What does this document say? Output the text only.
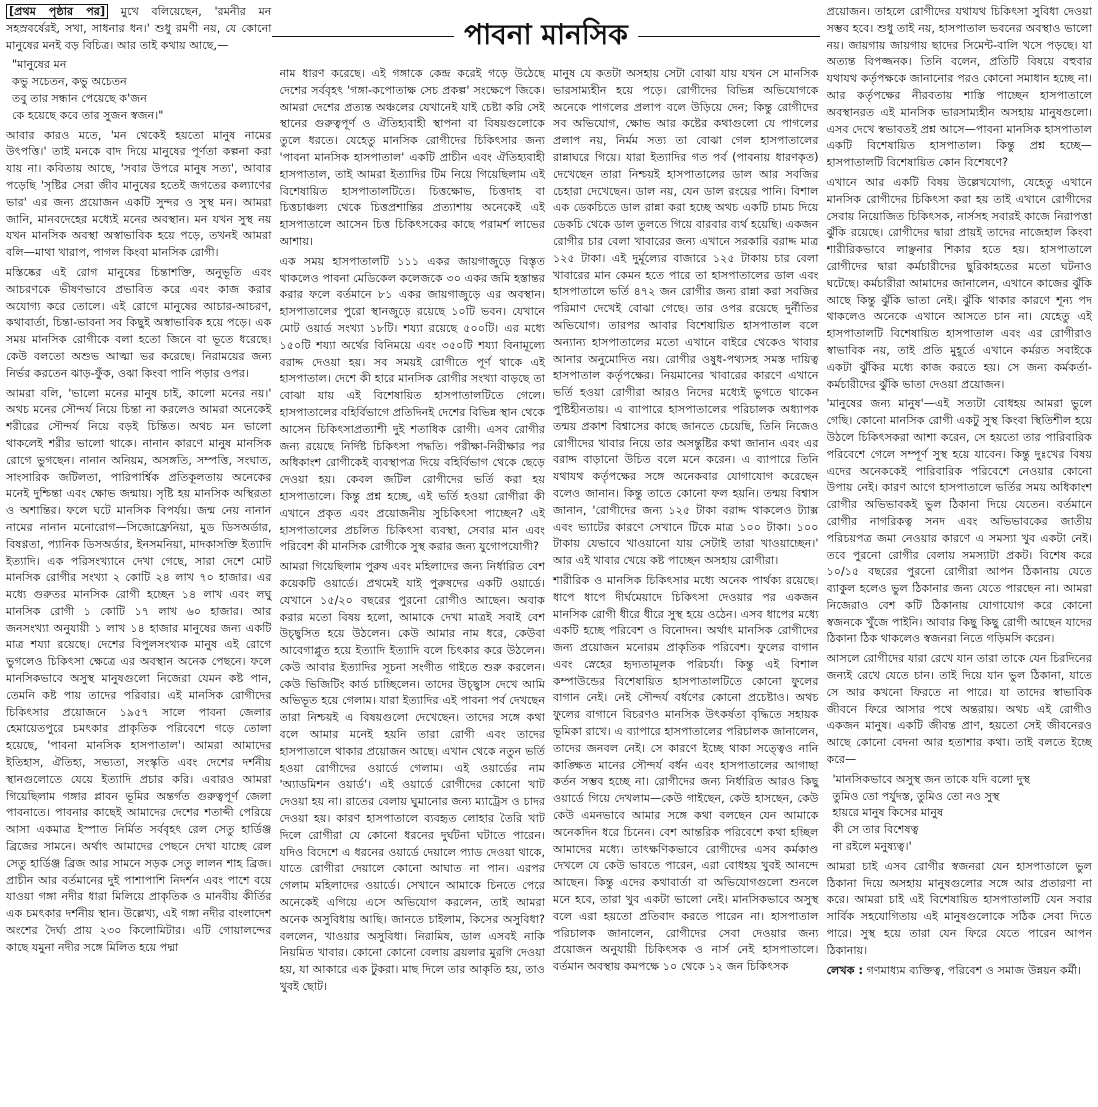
পাবনা মানসিক

[প্রথম পৃষ্ঠার পর] মুখে বলিয়েছেন, 'রমনীর মন সহস্রবর্ষেরই, সখা, সাধনার ধন।' শুধু রমণী নয়, যে কোনো মানুষের মনই বড় বিচিত্র। আর তাই কথায় আছে,—

"মানুষের মন
কভু সচেতন, কভু অচেতন
তবু তার সন্ধান পেয়েছে ক'জন
কে হয়েছে কবে তার সুজন স্বজন।"

আবার কারও মতে, 'মন থেকেই হয়তো মানুষ নামের উৎপত্তি।' তাই মনকে বাদ দিয়ে মানুষের পূর্ণতা কল্পনা করা যায় না। কবিতায় আছে, 'সবার উপরে মানুষ সত্য', আবার পড়েছি 'সৃষ্টির সেরা জীব মানুষের হতেই জগতের কল্যাণের ভার' এর জন্য প্রয়োজন একটি সুন্দর ও সুস্থ মন। আমরা জানি, মানবদেহের মধ্যেই মনের অবস্থান। মন যখন সুস্থ নয় যখন মানসিক অবস্থা অস্বাভাবিক হয়ে পড়ে, তখনই আমরা বলি—মাথা খারাপ, পাগল কিংবা মানসিক রোগী।

মস্তিষ্কের এই রোগ মানুষের চিন্তাশক্তি, অনুভূতি এবং আচরণকে ভীষণভাবে প্রভাবিত করে এবং কাজ করার অযোগ্য করে তোলে। এই রোগে মানুষের আচার-আচরণ, কথাবার্তা, চিন্তা-ভাবনা সব কিছুই অস্বাভাবিক হয়ে পড়ে। এক সময় মানসিক রোগীকে বলা হতো জিনে বা ভূতে ধরেছে। কেউ বলতো অশুভ আত্মা ভর করেছে। নিরাময়ের জন্য নির্ভর করতেন ঝাড়-ফুঁক, ওঝা কিংবা পানি পড়ার ওপর।

আমরা বলি, 'ভালো মনের মানুষ চাই, কালো মনের নয়।' অথচ মনের সৌন্দর্য নিয়ে চিন্তা না করলেও আমরা অনেকেই শরীরের সৌন্দর্য নিয়ে বড়ই চিন্তিত। অথচ মন ভালো থাকলেই শরীর ভালো থাকে। নানান কারণে মানুষ মানসিক রোগে ভুগছেন। নানান অনিয়ম, অসঙ্গতি, সম্পত্তি, সংঘাত, সাংসারিক জটিলতা, পারিপার্শ্বিক প্রতিকূলতায় অনেকের মনেই দুশ্চিন্তা এবং ক্ষোভ জন্মায়। সৃষ্টি হয় মানসিক অস্থিরতা ও অশান্তির। ফলে ঘটে মানসিক বিপর্যয়। জন্ম নেয় নানান নামের নানান মনোরোগ—সিজোফ্রেনিয়া, মুড ডিসঅর্ডার, বিষণ্ণতা, প্যানিক ডিসঅর্ডার, ইনসমনিয়া, মাদকাসক্তি ইত্যাদি ইত্যাদি। এক পরিসংখ্যানে দেখা গেছে, সারা দেশে মোট মানসিক রোগীর সংখ্যা ২ কোটি ২৪ লাখ ৭০ হাজার। এর মধ্যে গুরুতর মানসিক রোগী হচ্ছেন ১৪ লাখ এবং লঘু মানসিক রোগী ১ কোটি ১৭ লাখ ৬০ হাজার। আর জনসংখ্যা অনুযায়ী ১ লাখ ১৪ হাজার মানুষের জন্য একটি মাত্র শয্যা রয়েছে। দেশের বিপুলসংখ্যক মানুষ এই রোগে ভুগলেও চিকিৎসা ক্ষেত্রে এর অবস্থান অনেক পেছনে। ফলে মানসিকভাবে অসুস্থ মানুষগুলো নিজেরা যেমন কষ্ট পান, তেমনি কষ্ট পায় তাদের পরিবার। এই মানসিক রোগীদের চিকিৎসার প্রয়োজনে ১৯৫৭ সালে পাবনা জেলার হেমায়েতপুরে চমৎকার প্রাকৃতিক পরিবেশে গড়ে তোলা হয়েছে, 'পাবনা মানসিক হাসপাতাল'। আমরা আমাদের ইতিহাস, ঐতিহ্য, সভ্যতা, সংস্কৃতি এবং দেশের দর্শনীয় স্থানগুলোতে যেয়ে ইত্যাদি প্রচার করি। এবারও আমরা গিয়েছিলাম গঙ্গার প্লাবন ভূমির অন্তর্গত গুরুত্বপূর্ণ জেলা পাবনাতে। পাবনার কাছেই আমাদের দেশের শতাব্দী পেরিয়ে আসা একমাত্র ইস্পাত নির্মিত সর্ববৃহৎ রেল সেতু হার্ডিঞ্জ ব্রিজের সামনে। অর্থাৎ আমাদের পেছনে দেখা যাচ্ছে রেল সেতু হার্ডিঞ্জ ব্রিজ আর সামনে সড়ক সেতু লালন শাহ ব্রিজ। প্রাচীন আর বর্তমানের দুই পাশাপাশি নিদর্শন এবং পাশে বয়ে যাওয়া গঙ্গা নদীর ধারা মিলিয়ে প্রাকৃতিক ও মানবীয় কীর্তির এক চমৎকার দর্শনীয় স্থান। উল্লেখ্য, এই গঙ্গা নদীর বাংলাদেশ অংশের দৈর্ঘ্য প্রায় ২৩০ কিলোমিটার। এটি গোয়ালন্দের কাছে যমুনা নদীর সঙ্গে মিলিত হয়ে পদ্মা

নাম ধারণ করেছে। এই গঙ্গাকে কেন্দ্র করেই গড়ে উঠেছে দেশের সর্ববৃহৎ 'গঙ্গা-কপোতাক্ষ সেচ প্রকল্প' সংক্ষেপে জিকে। আমরা দেশের প্রত্যন্ত অঞ্চলের যেখানেই যাই চেষ্টা করি সেই স্থানের গুরুত্বপূর্ণ ও ঐতিহ্যবাহী স্থাপনা বা বিষয়গুলোকে তুলে ধরতে। যেহেতু মানসিক রোগীদের চিকিৎসার জন্য 'পাবনা মানসিক হাসপাতাল' একটি প্রাচীন এবং ঐতিহ্যবাহী হাসপাতাল, তাই আমরা ইত্যাদির টিম নিয়ে গিয়েছিলাম এই বিশেষায়িত হাসপাতালটিতে। চিত্তক্ষোভ, চিত্তদাহ বা চিত্তচাঞ্চল্য থেকে চিত্তপ্রশান্তির প্রত্যাশায় অনেকেই এই হাসপাতালে আসেন চিত্ত চিকিৎসকের কাছে পরামর্শ লাভের আশায়।

এক সময় হাসপাতালটি ১১১ একর জায়গাজুড়ে বিস্তৃত থাকলেও পাবনা মেডিকেল কলেজকে ৩০ একর জমি হস্তান্তর করার ফলে বর্তমানে ৮১ একর জায়গাজুড়ে এর অবস্থান। হাসপাতালের পুরো স্থানজুড়ে রয়েছে ১০টি ভবন। যেখানে মোট ওয়ার্ড সংখ্যা ১৮টি। শয্যা রয়েছে ৫০০টি। এর মধ্যে ১৫০টি শয্যা অর্থের বিনিময়ে এবং ৩৫০টি শয্যা বিনামূল্যে বরাদ্দ দেওয়া হয়। সব সময়ই রোগীতে পূর্ণ থাকে এই হাসপাতাল। দেশে কী হারে মানসিক রোগীর সংখ্যা বাড়ছে তা বোঝা যায় এই বিশেষায়িত হাসপাতালটিতে গেলে। হাসপাতালের বহির্বিভাগে প্রতিদিনই দেশের বিভিন্ন স্থান থেকে আসেন চিকিৎসাপ্রত্যাশী দুই শতাধিক রোগী। এসব রোগীর জন্য রয়েছে নির্দিষ্ট চিকিৎসা পদ্ধতি। পরীক্ষা-নিরীক্ষার পর অধিকাংশ রোগীকেই ব্যবস্থাপত্র দিয়ে বহির্বিভাগ থেকে ছেড়ে দেওয়া হয়। কেবল জটিল রোগীদের ভর্তি করা হয় হাসপাতালে। কিন্তু প্রশ্ন হচ্ছে, এই ভর্তি হওয়া রোগীরা কী এখানে প্রকৃত এবং প্রয়োজনীয় সুচিকিৎসা পাচ্ছেন? এই হাসপাতালের প্রচলিত চিকিৎসা ব্যবস্থা, সেবার মান এবং পরিবেশ কী মানসিক রোগীকে সুস্থ করার জন্য যুগোপযোগী?

আমরা গিয়েছিলাম পুরুষ এবং মহিলাদের জন্য নির্ধারিত বেশ কয়েকটি ওয়ার্ডে। প্রথমেই যাই পুরুষদের একটি ওয়ার্ডে। যেখানে ১৫/২০ বছরের পুরনো রোগীও আছেন। অবাক করার মতো বিষয় হলো, আমাকে দেখা মাত্রই সবাই বেশ উচ্ছ্বসিত হয়ে উঠলেন। কেউ আমার নাম ধরে, কেউবা আবেগাপ্লুত হয়ে ইত্যাদি ইত্যাদি বলে চিৎকার করে উঠলেন। কেউ আবার ইত্যাদির সূচনা সংগীত গাইতে শুরু করলেন। কেউ ভিজিটিং কার্ড চাচ্ছিলেন। তাদের উচ্ছ্বাস দেখে আমি অভিভূত হয়ে গেলাম। যারা ইত্যাদির এই পাবনা পর্ব দেখছেন তারা নিশ্চয়ই এ বিষয়গুলো দেখেছেন। তাদের সঙ্গে কথা বলে আমার মনেই হয়নি তারা রোগী এবং তাদের হাসপাতালে থাকার প্রয়োজন আছে। এখান থেকে নতুন ভর্তি হওয়া রোগীদের ওয়ার্ডে গেলাম। এই ওয়ার্ডের নাম 'অ্যাডমিশন ওয়ার্ড'। এই ওয়ার্ডে রোগীদের কোনো খাট দেওয়া হয় না। রাতের বেলায় ঘুমানোর জন্য ম্যাট্রেস ও চাদর দেওয়া হয়। কারণ হাসপাতালে ব্যবহৃত লোহার তৈরি খাট দিলে রোগীরা যে কোনো ধরনের দুর্ঘটনা ঘটাতে পারেন। যদিও বিদেশে এ ধরনের ওয়ার্ডে দেয়ালে প্যাড দেওয়া থাকে, যাতে রোগীরা দেয়ালে কোনো আঘাত না পান। এরপর গেলাম মহিলাদের ওয়ার্ডে। সেখানে আমাকে চিনতে পেরে অনেকেই এগিয়ে এসে অভিযোগ করলেন, তাই আমরা অনেক অসুবিধায় আছি। জানতে চাইলাম, কিসের অসুবিধা? বললেন, খাওয়ার অসুবিধা। নিরামিষ, ডাল এসবই নাকি নিয়মিত খাবার। কোনো কোনো বেলায় ব্রয়লার মুরগি দেওয়া হয়, যা আকারে এক টুকরা। মাছ দিলে তার আকৃতি হয়, তাও খুবই ছোট।

মানুষ যে কতটা অসহায় সেটা বোঝা যায় যখন সে মানসিক ভারসাম্যহীন হয়ে পড়ে। রোগীদের বিভিন্ন অভিযোগকে অনেকে পাগলের প্রলাপ বলে উড়িয়ে দেন; কিন্তু রোগীদের সব অভিযোগ, ক্ষোভ আর কষ্টের কথাগুলো যে পাগলের প্রলাপ নয়, নির্মম সত্য তা বোঝা গেল হাসপাতালের রান্নাঘরে গিয়ে। যারা ইত্যাদির গত পর্ব (পাবনায় ধারণকৃত) দেখেছেন তারা নিশ্চয়ই হাসপাতালের ডাল আর সবজির চেহারা দেখেছেন। ডাল নয়, যেন ডাল রংয়ের পানি। বিশাল এক ডেকচিতে ডাল রান্না করা হচ্ছে অথচ একটি চামচ দিয়ে ডেকচি থেকে ডাল তুলতে গিয়ে বারবার ব্যর্থ হয়েছি। একজন রোগীর চার বেলা খাবারের জন্য এখানে সরকারি বরাদ্দ মাত্র ১২৫ টাকা। এই দুর্মূল্যের বাজারে ১২৫ টাকায় চার বেলা খাবারের মান কেমন হতে পারে তা হাসপাতালের ডাল এবং হাসপাতালে ভর্তি ৪৭২ জন রোগীর জন্য রান্না করা সবজির পরিমাণ দেখেই বোঝা গেছে। তার ওপর রয়েছে দুর্নীতির অভিযোগ। তারপর আবার বিশেষায়িত হাসপাতাল বলে অন্যান্য হাসপাতালের মতো এখানে বাইরে থেকেও খাবার আনার অনুমোদিত নয়। রোগীর ওষুধ-পথ্যসহ সমস্ত দায়িত্ব হাসপাতাল কর্তৃপক্ষের। নিয়মানের খাবারের কারণে এখানে ভর্তি হওয়া রোগীরা আরও নিদের মধ্যেই ভুগতে থাকেন পুষ্টিহীনতায়। এ ব্যাপারে হাসপাতালের পরিচালক অধ্যাপক তন্ময় প্রকাশ বিশ্বাসের কাছে জানতে চেয়েছি, তিনি নিজেও রোগীদের খাবার নিয়ে তার অসন্তুষ্টির কথা জানান এবং এর বরাদ্দ বাড়ানো উচিত বলে মনে করেন। এ ব্যাপারে তিনি যথাযথ কর্তৃপক্ষের সঙ্গে অনেকবার যোগাযোগ করেছেন বলেও জানান। কিন্তু তাতে কোনো ফল হয়নি। তন্ময় বিশ্বাস জানান, 'রোগীদের জন্য ১২৫ টাকা বরাদ্দ থাকলেও ট্যাক্স এবং ভ্যাটের কারণে সেখানে টিকে মাত্র ১০০ টাকা। ১০০ টাকায় যেভাবে খাওয়ানো যায় সেটাই তারা খাওয়াচ্ছেন।' আর এই খাবার খেয়ে কষ্ট পাচ্ছেন অসহায় রোগীরা।

শারীরিক ও মানসিক চিকিৎসার মধ্যে অনেক পার্থক্য রয়েছে। ধাপে ধাপে দীর্ঘমেয়াদে চিকিৎসা দেওয়ার পর একজন মানসিক রোগী ধীরে ধীরে সুস্থ হয়ে ওঠেন। এসব ধাপের মধ্যে একটি হচ্ছে পরিবেশ ও বিনোদন। অর্থাৎ মানসিক রোগীদের জন্য প্রয়োজন মনোরম প্রাকৃতিক পরিবেশ। ফুলের বাগান এবং স্নেহের হৃদ্যতামূলক পরিচর্যা। কিন্তু এই বিশাল কম্পাউন্ডের বিশেষায়িত হাসপাতালটিতে কোনো ফুলের বাগান নেই। নেই সৌন্দর্য বর্ধণের কোনো প্রচেষ্টাও। অথচ ফুলের বাগানে বিচরণও মানসিক উৎকর্ষতা বৃদ্ধিতে সহায়ক ভূমিকা রাখে। এ ব্যাপারে হাসপাতালের পরিচালক জানালেন, তাদের জনবল নেই। সে কারণে ইচ্ছে থাকা সত্ত্বেও নানি কাঙ্ক্ষিত মানের সৌন্দর্য বর্ধন এবং হাসপাতালের আগাছা কর্তন সম্ভব হচ্ছে না। রোগীদের জন্য নির্ধারিত আরও কিছু ওয়ার্ডে গিয়ে দেখলাম—কেউ গাইছেন, কেউ হাসছেন, কেউ কেউ এমনভাবে আমার সঙ্গে কথা বলছেন যেন আমাকে অনেকদিন ধরে চিনেন। বেশ আন্তরিক পরিবেশে কথা হচ্ছিল আমাদের মধ্যে। তাৎক্ষণিকভাবে রোগীদের এসব কর্মকাণ্ড দেখলে যে কেউ ভাবতে পারেন, এরা বোধহয় খুবই আনন্দে আছেন। কিন্তু এদের কথাবার্তা বা অভিযোগগুলো শুনলে মনে হবে, তারা খুব একটা ভালো নেই। মানসিকভাবে অসুস্থ বলে এরা হয়তো প্রতিবাদ করতে পারেন না। হাসপাতাল পরিচালক জানালেন, রোগীদের সেবা দেওয়ার জন্য প্রয়োজন অনুযায়ী চিকিৎসক ও নার্স নেই হাসপাতালে। বর্তমান অবস্থায় কমপক্ষে ১০ থেকে ১২ জন চিকিৎসক

প্রয়োজন। তাহলে রোগীদের যথাযথ চিকিৎসা সুবিধা দেওয়া সম্ভব হবে। শুধু তাই নয়, হাসপাতাল ভবনের অবস্থাও ভালো নয়। জায়গায় জায়গায় ছাদের সিমেন্ট-বালি খসে পড়ছে। যা অত্যন্ত বিপজ্জনক। তিনি বলেন, প্রতিটি বিষয়ে বহুবার যথাযথ কর্তৃপক্ষকে জানানোর পরও কোনো সমাধান হচ্ছে না। আর কর্তৃপক্ষের নীরবতায় শাস্তি পাচ্ছেন হাসপাতালে অবস্থানরত এই মানসিক ভারসাম্যহীন অসহায় মানুষগুলো। এসব দেখে স্বভাবতই প্রশ্ন আসে—পাবনা মানসিক হাসপাতাল একটি বিশেষায়িত হাসপাতাল। কিন্তু প্রশ্ন হচ্ছে—হাসপাতালটি বিশেষায়িত কোন বিশেষণে?

এখানে আর একটি বিষয় উল্লেখযোগ্য, যেহেতু এখানে মানসিক রোগীদের চিকিৎসা করা হয় তাই এখানে রোগীদের সেবায় নিয়োজিত চিকিৎসক, নার্সসহ সবারই কাজে নিরাপত্তা ঝুঁকি রয়েছে। রোগীদের দ্বারা প্রায়ই তাদের নাজেহাল কিংবা শারীরিকভাবে লাঞ্ছনার শিকার হতে হয়। হাসপাতালে রোগীদের দ্বারা কর্মচারীদের ছুরিকাহতের মতো ঘটনাও ঘটেছে। কর্মচারীরা আমাদের জানালেন, এখানে কাজের ঝুঁকি আছে কিন্তু ঝুঁকি ভাতা নেই। ঝুঁকি থাকার কারণে শূন্য পদ থাকলেও অনেকে এখানে আসতে চান না। যেহেতু এই হাসপাতালটি বিশেষায়িত হাসপাতাল এবং এর রোগীরাও স্বাভাবিক নয়, তাই প্রতি মুহূর্তে এখানে কর্মরত সবাইকে একটা ঝুঁকির মধ্যে কাজ করতে হয়। সে জন্য কর্মকর্তা-কর্মচারীদের ঝুঁকি ভাতা দেওয়া প্রয়োজন।

'মানুষের জন্য মানুষ'—এই সত্যটা বোধহয় আমরা ভুলে গেছি। কোনো মানসিক রোগী একটু সুস্থ কিংবা স্থিতিশীল হয়ে উঠলে চিকিৎসকরা আশা করেন, সে হয়তো তার পারিবারিক পরিবেশে গেলে সম্পূর্ণ সুস্থ হয়ে যাবেন। কিন্তু দুঃখের বিষয় এদের অনেককেই পারিবারিক পরিবেশে নেওয়ার কোনো উপায় নেই। কারণ আগে হাসপাতালে ভর্তির সময় অধিকাংশ রোগীর অভিভাবকই ভুল ঠিকানা দিয়ে যেতেন। বর্তমানে রোগীর নাগরিকত্ব সনদ এবং অভিভাবকের জাতীয় পরিচয়পত্র জমা নেওয়ার কারণে এ সমস্যা খুব একটা নেই। তবে পুরনো রোগীর বেলায় সমস্যাটা প্রকট। বিশেষ করে ১০/১৫ বছরের পুরনো রোগীরা আপন ঠিকানায় যেতে ব্যাকুল হলেও ভুল ঠিকানার জন্য যেতে পারছেন না। আমরা নিজেরাও বেশ কটি ঠিকানায় যোগাযোগ করে কোনো স্বজনকে খুঁজে পাইনি। আবার কিছু কিছু রোগী আছেন যাদের ঠিকানা ঠিক থাকলেও স্বজনরা নিতে গড়িমসি করেন।

আসলে রোগীদের যারা রেখে যান তারা তাকে যেন চিরদিনের জন্যই রেখে যেতে চান। তাই দিয়ে যান ভুল ঠিকানা, যাতে সে আর কখনো ফিরতে না পারে। যা তাদের স্বাভাবিক জীবনে ফিরে আসার পথে অন্তরায়। অথচ এই রোগীও একজন মানুষ। একটি জীবন্ত প্রাণ, হয়তো সেই জীবনেরও আছে কোনো বেদনা আর হতাশার কথা। তাই বলতে ইচ্ছে করে—

'মানসিকভাবে অসুস্থ জন তাকে যদি বলো দুস্থ
তুমিও তো পর্যুদস্ত, তুমিও তো নও সুস্থ
হায়রে মানুষ কিসের মানুষ
কী সে তার বিশেষত্ব
না রইলে মনুষ্যত্ব।'

আমরা চাই এসব রোগীর স্বজনরা যেন হাসপাতালে ভুল ঠিকানা দিয়ে অসহায় মানুষগুলোর সঙ্গে আর প্রতারণা না করে। আমরা চাই এই বিশেষায়িত হাসপাতালটি যেন সবার সার্বিক সহযোগিতায় এই মানুষগুলোকে সঠিক সেবা দিতে পারে। সুস্থ হয়ে তারা যেন ফিরে যেতে পারেন আপন ঠিকানায়।

লেখক : গণমাধ্যম ব্যক্তিত্ব, পরিবেশ ও সমাজ উন্নয়ন কর্মী।
